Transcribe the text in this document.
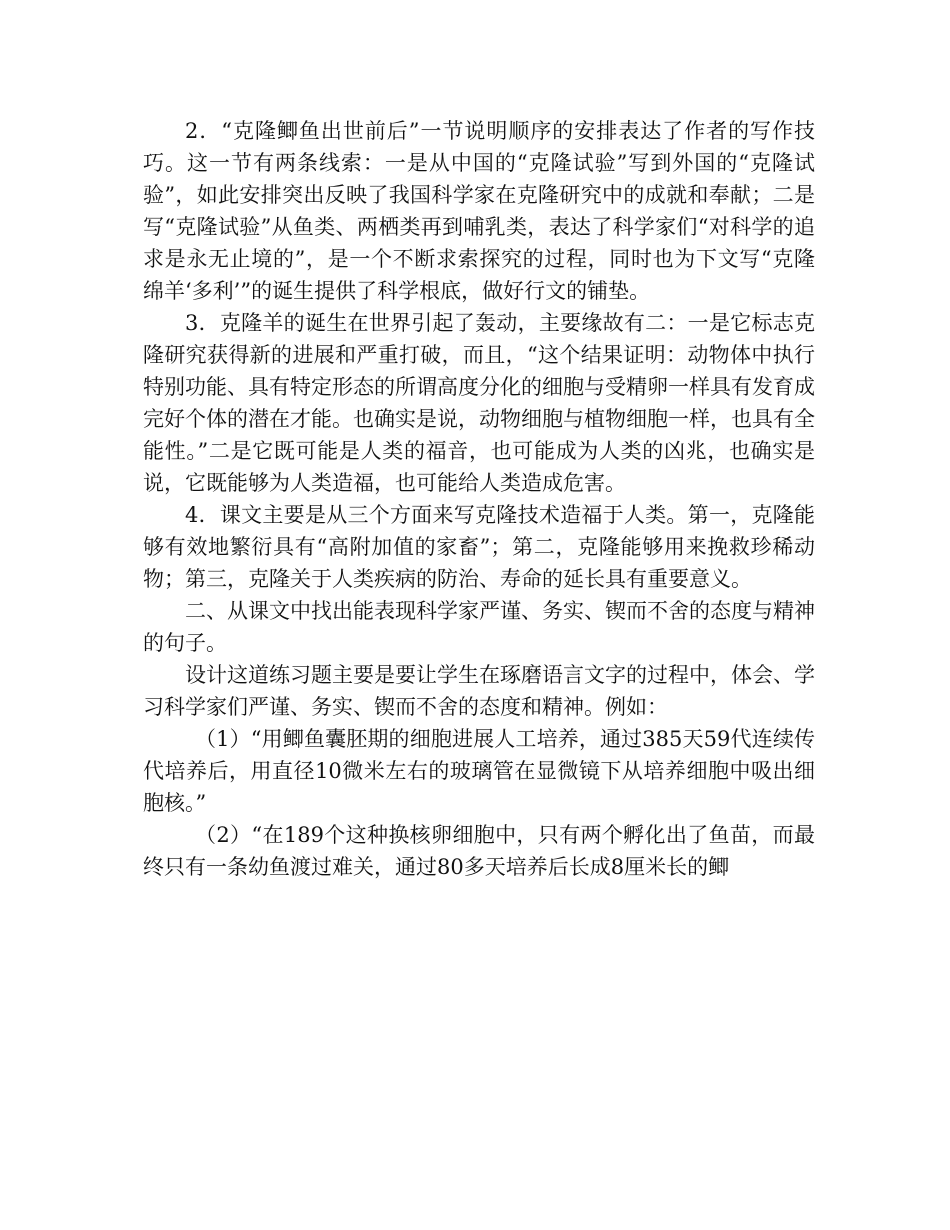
2．“克隆鲫鱼出世前后”一节说明顺序的安排表达了作者的写作技巧。这一节有两条线索：一是从中国的“克隆试验”写到外国的“克隆试验”，如此安排突出反映了我国科学家在克隆研究中的成就和奉献；二是写“克隆试验”从鱼类、两栖类再到哺乳类，表达了科学家们“对科学的追求是永无止境的”，是一个不断求索探究的过程，同时也为下文写“克隆绵羊‘多利’”的诞生提供了科学根底，做好行文的铺垫。

3．克隆羊的诞生在世界引起了轰动，主要缘故有二：一是它标志克隆研究获得新的进展和严重打破，而且，“这个结果证明：动物体中执行特别功能、具有特定形态的所谓高度分化的细胞与受精卵一样具有发育成完好个体的潜在才能。也确实是说，动物细胞与植物细胞一样，也具有全能性。”二是它既可能是人类的福音，也可能成为人类的凶兆，也确实是说，它既能够为人类造福，也可能给人类造成危害。

4．课文主要是从三个方面来写克隆技术造福于人类。第一，克隆能够有效地繁衍具有“高附加值的家畜”；第二，克隆能够用来挽救珍稀动物；第三，克隆关于人类疾病的防治、寿命的延长具有重要意义。

二、从课文中找出能表现科学家严谨、务实、锲而不舍的态度与精神的句子。

设计这道练习题主要是要让学生在琢磨语言文字的过程中，体会、学习科学家们严谨、务实、锲而不舍的态度和精神。例如：

（1）“用鲫鱼囊胚期的细胞进展人工培养，通过385天59代连续传代培养后，用直径10微米左右的玻璃管在显微镜下从培养细胞中吸出细胞核。”

（2）“在189个这种换核卵细胞中，只有两个孵化出了鱼苗，而最终只有一条幼鱼渡过难关，通过80多天培养后长成8厘米长的鲫
